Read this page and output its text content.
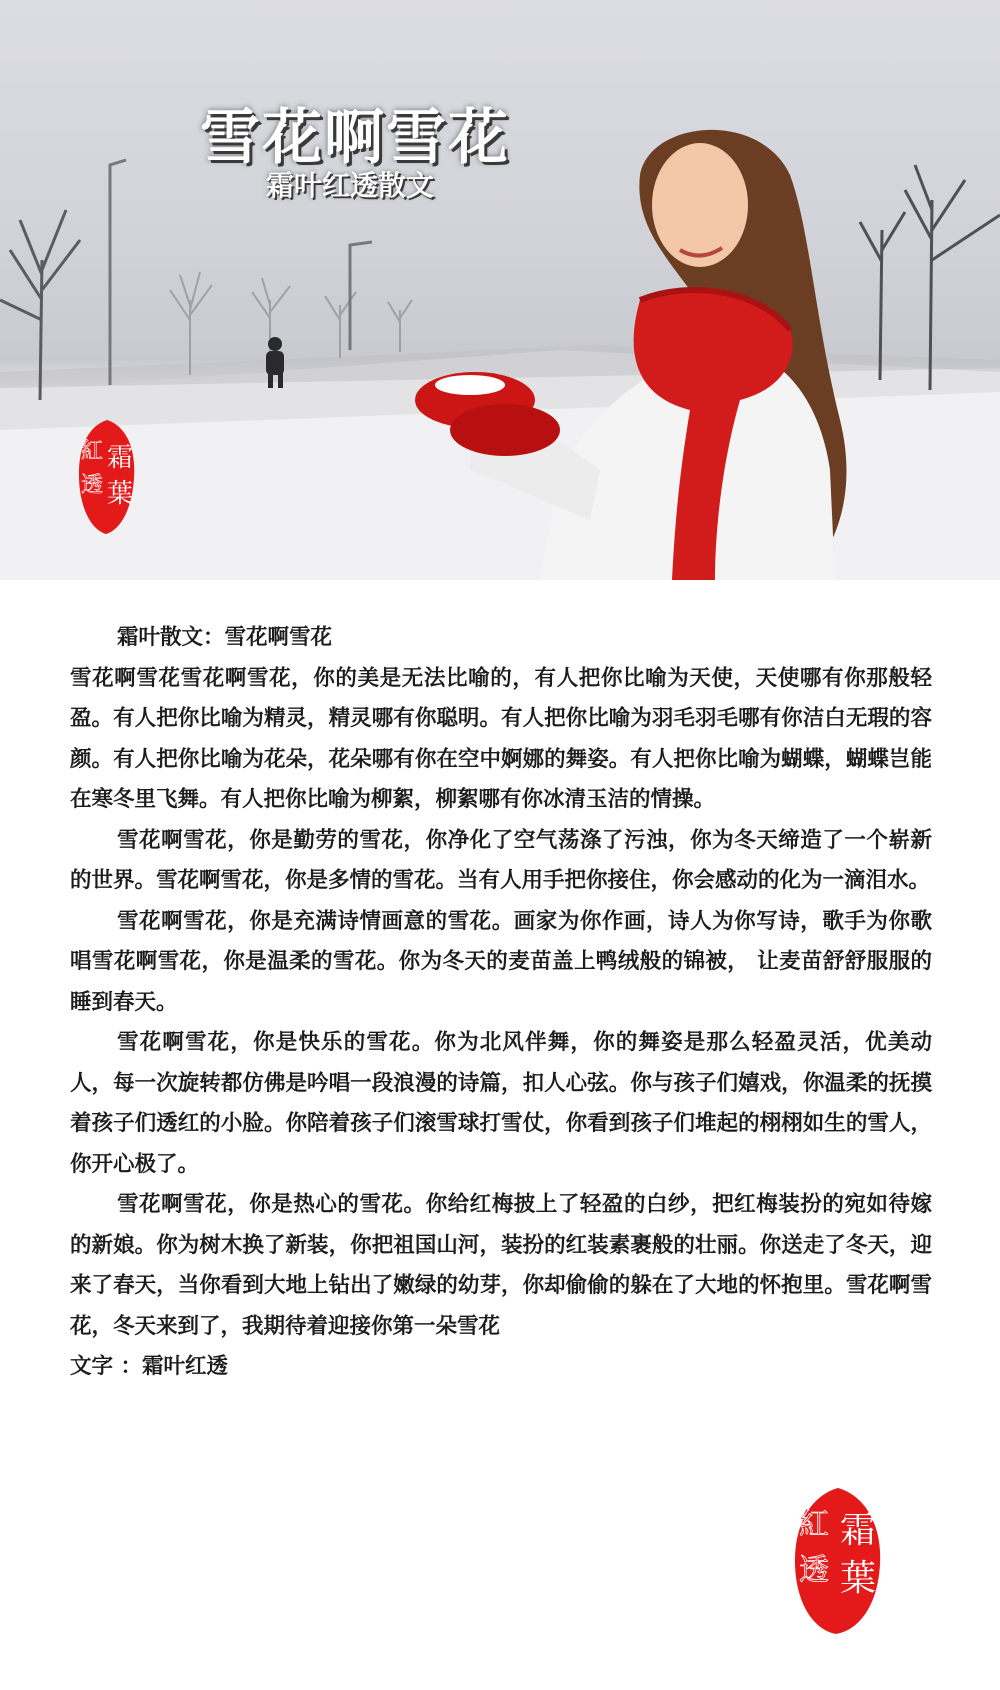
雪花啊雪花
霜叶红透散文
霜
葉
紅
透

霜叶散文：雪花啊雪花

雪花啊雪花雪花啊雪花，你的美是无法比喻的，有人把你比喻为天使，天使哪有你那般轻盈。有人把你比喻为精灵，精灵哪有你聪明。有人把你比喻为羽毛羽毛哪有你洁白无瑕的容颜。有人把你比喻为花朵，花朵哪有你在空中婀娜的舞姿。有人把你比喻为蝴蝶，蝴蝶岂能在寒冬里飞舞。有人把你比喻为柳絮，柳絮哪有你冰清玉洁的情操。

雪花啊雪花，你是勤劳的雪花，你净化了空气荡涤了污浊，你为冬天缔造了一个崭新的世界。雪花啊雪花，你是多情的雪花。当有人用手把你接住，你会感动的化为一滴泪水。

雪花啊雪花，你是充满诗情画意的雪花。画家为你作画，诗人为你写诗，歌手为你歌唱雪花啊雪花，你是温柔的雪花。你为冬天的麦苗盖上鸭绒般的锦被， 让麦苗舒舒服服的睡到春天。

雪花啊雪花，你是快乐的雪花。你为北风伴舞，你的舞姿是那么轻盈灵活，优美动人，每一次旋转都仿佛是吟唱一段浪漫的诗篇，扣人心弦。你与孩子们嬉戏，你温柔的抚摸着孩子们透红的小脸。你陪着孩子们滚雪球打雪仗，你看到孩子们堆起的栩栩如生的雪人，你开心极了。

雪花啊雪花，你是热心的雪花。你给红梅披上了轻盈的白纱，把红梅装扮的宛如待嫁的新娘。你为树木换了新装，你把祖国山河，装扮的红装素裹般的壮丽。你送走了冬天，迎来了春天，当你看到大地上钻出了嫩绿的幼芽，你却偷偷的躲在了大地的怀抱里。雪花啊雪花，冬天来到了，我期待着迎接你第一朵雪花

文字 ：霜叶红透

霜
葉
紅
透
